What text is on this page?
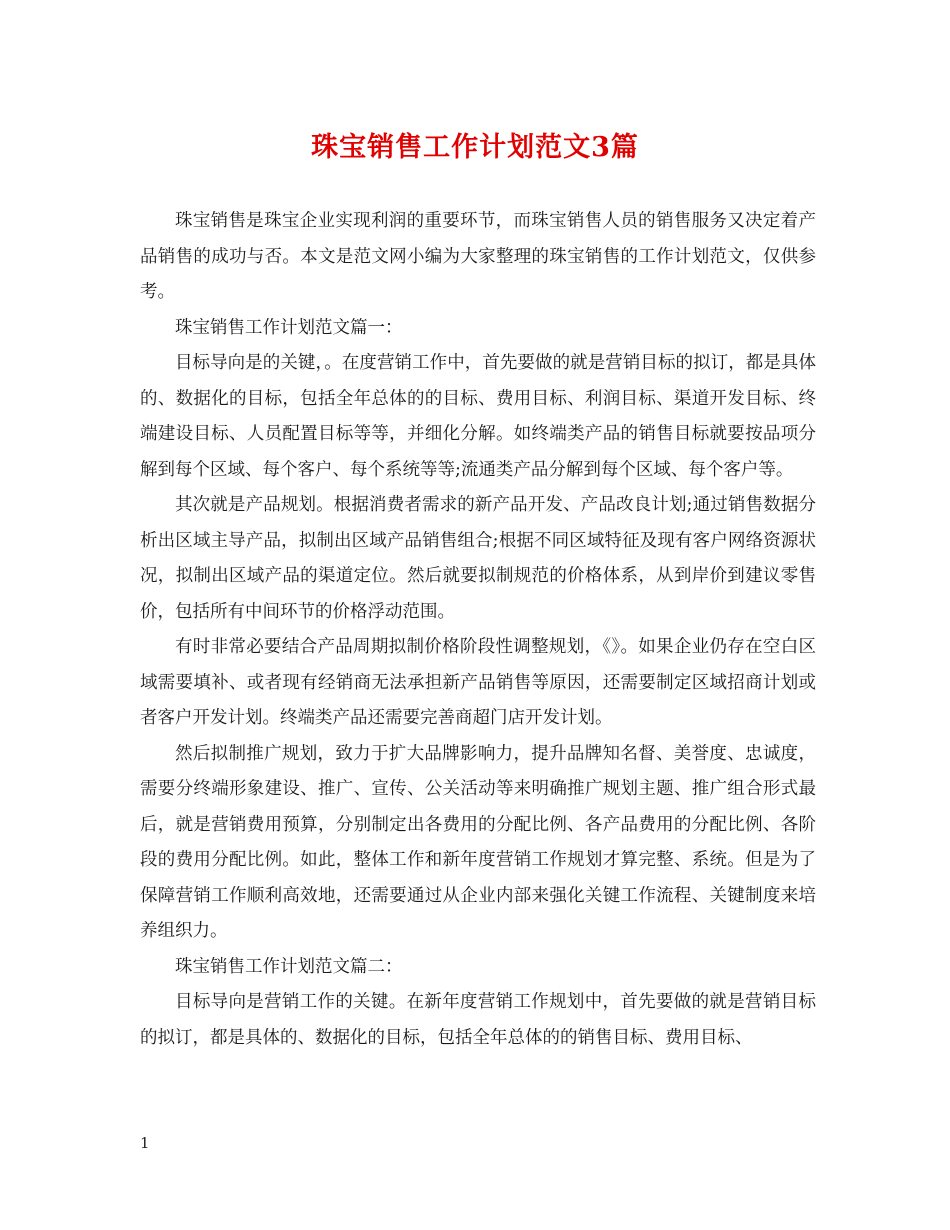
珠宝销售工作计划范文3篇

珠宝销售是珠宝企业实现利润的重要环节，而珠宝销售人员的销售服务又决定着产品销售的成功与否。本文是范文网小编为大家整理的珠宝销售的工作计划范文，仅供参考。

珠宝销售工作计划范文篇一：

目标导向是的关键，。在度营销工作中，首先要做的就是营销目标的拟订，都是具体的、数据化的目标，包括全年总体的的目标、费用目标、利润目标、渠道开发目标、终端建设目标、人员配置目标等等，并细化分解。如终端类产品的销售目标就要按品项分解到每个区域、每个客户、每个系统等等;流通类产品分解到每个区域、每个客户等。

其次就是产品规划。根据消费者需求的新产品开发、产品改良计划;通过销售数据分析出区域主导产品，拟制出区域产品销售组合;根据不同区域特征及现有客户网络资源状况，拟制出区域产品的渠道定位。然后就要拟制规范的价格体系，从到岸价到建议零售价，包括所有中间环节的价格浮动范围。

有时非常必要结合产品周期拟制价格阶段性调整规划，《》。如果企业仍存在空白区域需要填补、或者现有经销商无法承担新产品销售等原因，还需要制定区域招商计划或者客户开发计划。终端类产品还需要完善商超门店开发计划。

然后拟制推广规划，致力于扩大品牌影响力，提升品牌知名督、美誉度、忠诚度，需要分终端形象建设、推广、宣传、公关活动等来明确推广规划主题、推广组合形式最后，就是营销费用预算，分别制定出各费用的分配比例、各产品费用的分配比例、各阶段的费用分配比例。如此，整体工作和新年度营销工作规划才算完整、系统。但是为了保障营销工作顺利高效地，还需要通过从企业内部来强化关键工作流程、关键制度来培养组织力。

珠宝销售工作计划范文篇二：

目标导向是营销工作的关键。在新年度营销工作规划中，首先要做的就是营销目标的拟订，都是具体的、数据化的目标，包括全年总体的的销售目标、费用目标、

1
